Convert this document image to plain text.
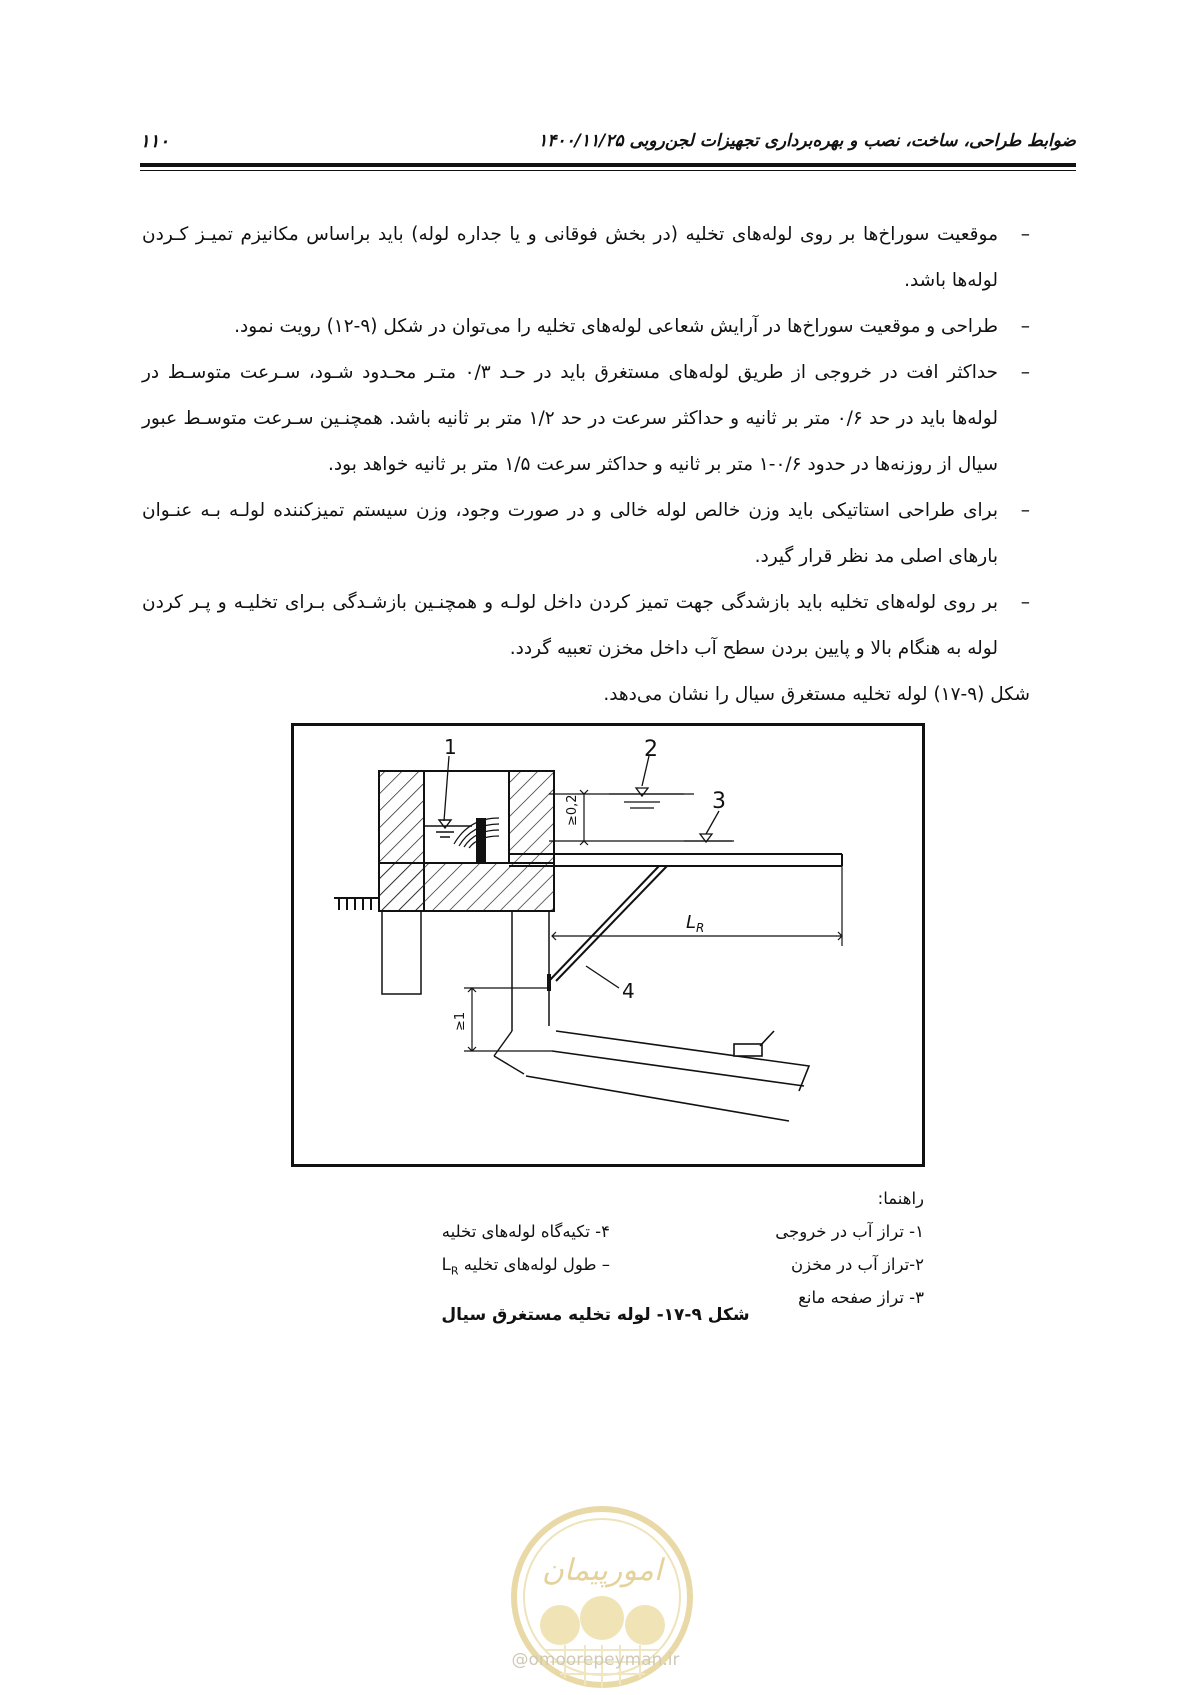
۱۱۰	ضوابط طراحی، ساخت، نصب و بهره‌برداری تجهیزات لجن‌روبی ۱۴۰۰/۱۱/۲۵
–
موقعیت سوراخ‌ها بر روی لوله‌های تخلیه (در بخش فوقانی و یا جداره لوله) باید براساس مکانیزم تمیـز کـردن لوله‌ها باشد.
–
طراحی و موقعیت سوراخ‌ها در آرایش شعاعی لوله‌های تخلیه را می‌توان در شکل (۹-۱۲) رویت نمود.
–
حداکثر افت در خروجی از طریق لوله‌های مستغرق باید در حـد ۰/۳ متـر محـدود شـود، سـرعت متوسـط در لوله‌ها باید در حد ۰/۶ متر بر ثانیه و حداکثر سرعت در حد ۱/۲ متر بر ثانیه باشد. همچنـین سـرعت متوسـط عبور سیال از روزنه‌ها در حدود ۰/۶-۱ متر بر ثانیه و حداکثر سرعت ۱/۵ متر بر ثانیه خواهد بود.
–
برای طراحی استاتیکی باید وزن خالص لوله خالی و در صورت وجود، وزن سیستم تمیزکننده لولـه بـه عنـوان بارهای اصلی مد نظر قرار گیرد.
–
بر روی لوله‌های تخلیه باید بازشدگی جهت تمیز کردن داخل لولـه و همچنـین بازشـدگی بـرای تخلیـه و پـر کردن لوله به هنگام بالا و پایین بردن سطح آب داخل مخزن تعبیه گردد.
شکل (۹-۱۷) لوله تخلیه مستغرق سیال را نشان می‌دهد.
1	2
3
4
$L_R$
≥0,2
≥1
راهنما:
۱- تراز آب در خروجی
۲-تراز آب در مخزن
۳- تراز صفحه مانع
۴- تکیه‌گاه لوله‌های تخلیه
– طول لوله‌های تخلیه $L_R$
شکل ۹-۱۷- لوله تخلیه مستغرق سیال
امورپیمان
@omoorepeyman.ir
